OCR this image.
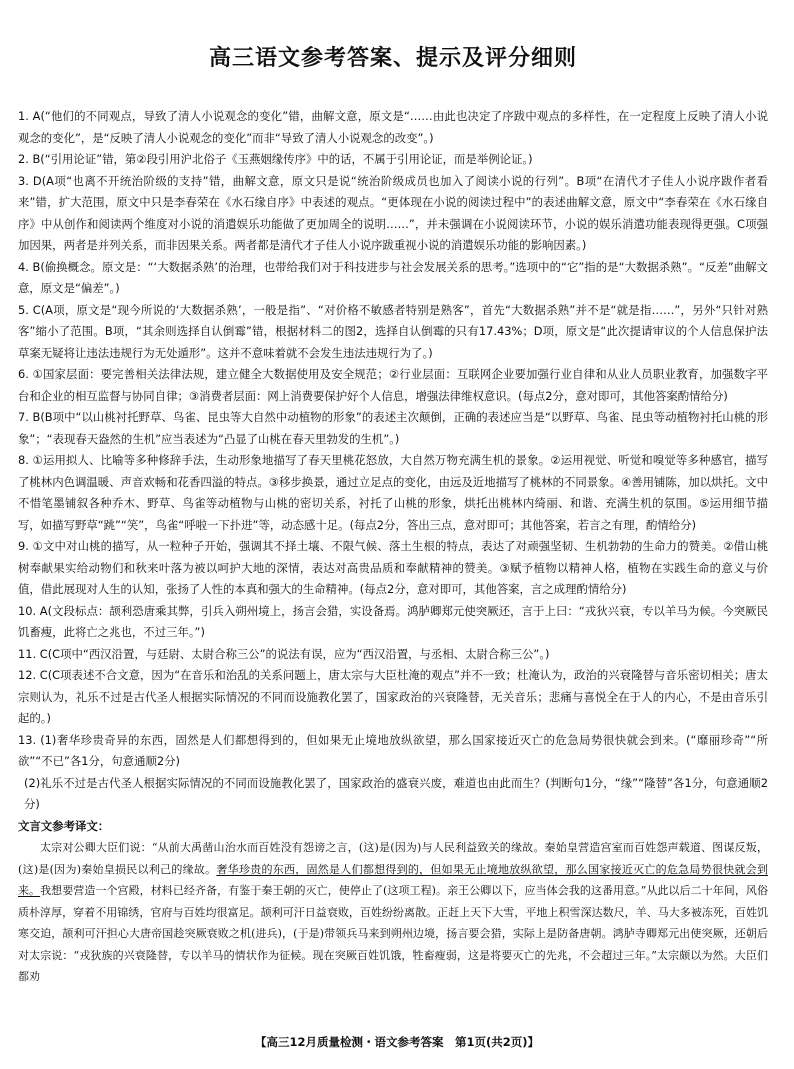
高三语文参考答案、提示及评分细则

1. A(“他们的不同观点，导致了清人小说观念的变化”错，曲解文意，原文是“……由此也决定了序跋中观点的多样性，在一定程度上反映了清人小说观念的变化”，是“反映了清人小说观念的变化”而非“导致了清人小说观念的改变”。)

2. B(“引用论证”错，第②段引用沪北俗子《玉燕姻缘传序》中的话，不属于引用论证，而是举例论证。)

3. D(A项“也离不开统治阶级的支持”错，曲解文意，原文只是说“统治阶级成员也加入了阅读小说的行列”。B项“在清代才子佳人小说序跋作者看来”错，扩大范围，原文中只是李春荣在《水石缘自序》中表述的观点。“更体现在小说的阅读过程中”的表述曲解文意，原文中“李春荣在《水石缘自序》中从创作和阅读两个维度对小说的消遣娱乐功能做了更加周全的说明……”，并未强调在小说阅读环节，小说的娱乐消遣功能表现得更强。C项强加因果，两者是并列关系，而非因果关系。两者都是清代才子佳人小说序跋重视小说的消遣娱乐功能的影响因素。)

4. B(偷换概念。原文是：“‘大数据杀熟’的治理，也带给我们对于科技进步与社会发展关系的思考。”选项中的“它”指的是“大数据杀熟”。“反差”曲解文意，原文是“偏差”。)

5. C(A项，原文是“现今所说的‘大数据杀熟’，一般是指”、“对价格不敏感者特别是熟客”，首先“大数据杀熟”并不是“就是指……”，另外“只针对熟客”缩小了范围。B项，“其余则选择自认倒霉”错，根据材料二的图2，选择自认倒霉的只有17.43%；D项，原文是“此次提请审议的个人信息保护法草案无疑将让违法违规行为无处遁形”。这并不意味着就不会发生违法违规行为了。)

6. ①国家层面：要完善相关法律法规，建立健全大数据使用及安全规范；②行业层面：互联网企业要加强行业自律和从业人员职业教育，加强数字平台和企业的相互监督与协同自律；③消费者层面：网上消费要保护好个人信息，增强法律维权意识。(每点2分，意对即可，其他答案酌情给分)

7. B(B项中“以山桃衬托野草、鸟雀、昆虫等大自然中动植物的形象”的表述主次颠倒，正确的表述应当是“以野草、鸟雀、昆虫等动植物衬托山桃的形象”；“表现春天盎然的生机”应当表述为“凸显了山桃在春天里勃发的生机”。)

8. ①运用拟人、比喻等多种修辞手法，生动形象地描写了春天里桃花怒放，大自然万物充满生机的景象。②运用视觉、听觉和嗅觉等多种感官，描写了桃林内色调温暖、声音欢畅和花香四溢的特点。③移步换景，通过立足点的变化，由远及近地描写了桃林的不同景象。④善用铺陈，加以烘托。文中不惜笔墨铺叙各种乔木、野草、鸟雀等动植物与山桃的密切关系，衬托了山桃的形象，烘托出桃林内绮丽、和谐、充满生机的氛围。⑤运用细节描写，如描写野草“跳”“笑”，鸟雀“呼啦一下扑进”等，动态感十足。(每点2分，答出三点，意对即可；其他答案，若言之有理，酌情给分)

9. ①文中对山桃的描写，从一粒种子开始，强调其不择土壤、不限气候、落土生根的特点，表达了对顽强坚韧、生机勃勃的生命力的赞美。②借山桃树奉献果实给动物们和秋来叶落为被以呵护大地的深情，表达对高贵品质和奉献精神的赞美。③赋予植物以精神人格，植物在实践生命的意义与价值，借此展现对人生的认知，张扬了人性的本真和强大的生命精神。(每点2分，意对即可，其他答案，言之成理酌情给分)

10. A(文段标点：颉利恐唐乘其弊，引兵入朔州境上，扬言会猎，实设备焉。鸿胪卿郑元使突厥还，言于上曰：“戎狄兴衰，专以羊马为候。今突厥民饥畜瘦，此将亡之兆也，不过三年。”)

11. C(C项中“西汉沿置，与廷尉、太尉合称三公”的说法有误，应为“西汉沿置，与丞相、太尉合称三公”。)

12. C(C项表述不合文意，因为“在音乐和治乱的关系问题上，唐太宗与大臣杜淹的观点”并不一致；杜淹认为，政治的兴衰隆替与音乐密切相关；唐太宗则认为，礼乐不过是古代圣人根据实际情况的不同而设施教化罢了，国家政治的兴衰隆替，无关音乐；悲痛与喜悦全在于人的内心，不是由音乐引起的。)

13. (1)奢华珍贵奇异的东西，固然是人们都想得到的，但如果无止境地放纵欲望，那么国家接近灭亡的危急局势很快就会到来。(“靡丽珍奇”“所欲”“不已”各1分，句意通顺2分)

(2)礼乐不过是古代圣人根据实际情况的不同而设施教化罢了，国家政治的盛衰兴废，难道也由此而生？(判断句1分，“缘”“隆替”各1分，句意通顺2分)

文言文参考译文：

太宗对公卿大臣们说：“从前大禹凿山治水而百姓没有怨谤之言，(这)是(因为)与人民利益致关的缘故。秦始皇营造宫室而百姓怨声载道、图谋反叛，(这)是(因为)秦始皇损民以利己的缘故。奢华珍贵的东西，固然是人们都想得到的，但如果无止境地放纵欲望，那么国家接近灭亡的危急局势很快就会到来。我想要营造一个宫殿，材料已经齐备，有鉴于秦王朝的灭亡，使停止了(这项工程)。亲王公卿以下，应当体会我的这番用意。”从此以后二十年间，风俗质朴淳厚，穿着不用锦绣，官府与百姓均很富足。颉利可汗日益衰败，百姓纷纷离散。正赶上天下大雪，平地上积雪深达数尺，羊、马大多被冻死，百姓饥寒交迫，颉利可汗担心大唐帝国趁突厥衰败之机(进兵)，(于是)带领兵马来到朔州边境，扬言要会猎，实际上是防备唐朝。鸿胪寺卿郑元出使突厥，还朝后对太宗说：“戎狄族的兴衰隆替，专以羊马的情状作为征候。现在突厥百姓饥饿，牲畜瘦弱，这是将要灭亡的先兆，不会超过三年。”太宗颇以为然。大臣们都劝

【高三12月质量检测・语文参考答案　第1页(共2页)】
